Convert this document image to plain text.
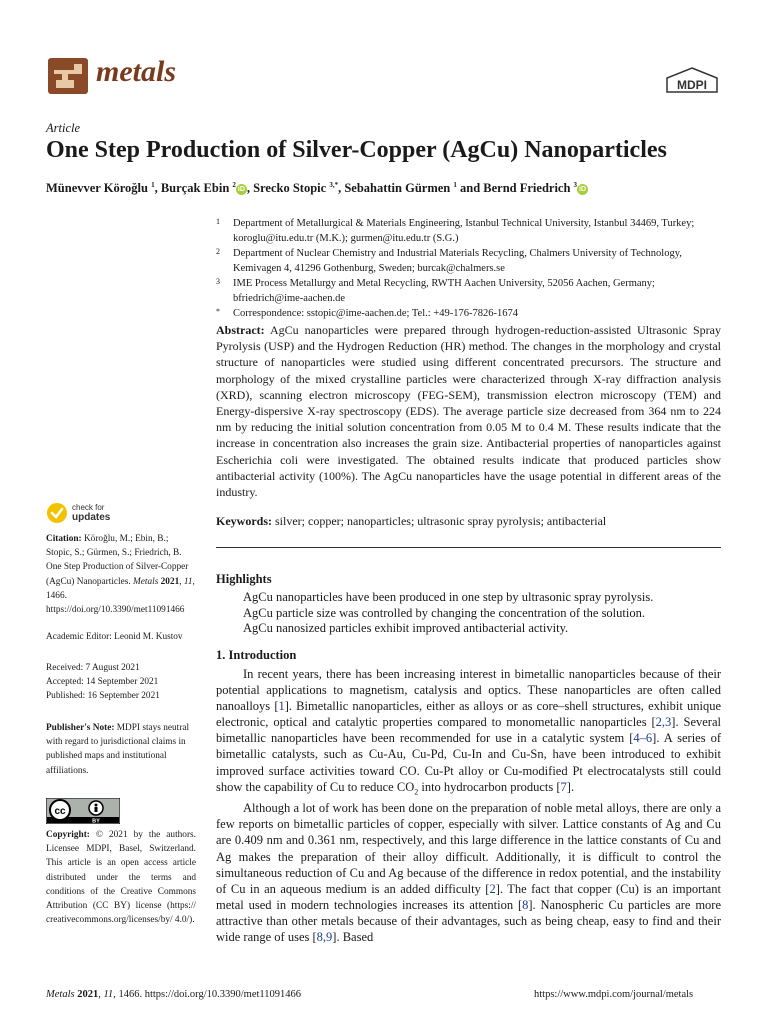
metals	MDPI
Article
One Step Production of Silver-Copper (AgCu) Nanoparticles
Münevver Köroğlu $^1$, Burçak Ebin $^2$iD , Srecko Stopic $^{3,*}$, Sebahattin Gürmen $^1$ and Bernd Friedrich $^3$iD
1 Department of Metallurgical & Materials Engineering, Istanbul Technical University, Istanbul 34469, Turkey; koroglu@itu.edu.tr (M.K.); gurmen@itu.edu.tr (S.G.)
2 Department of Nuclear Chemistry and Industrial Materials Recycling, Chalmers University of Technology, Kemivagen 4, 41296 Gothenburg, Sweden; burcak@chalmers.se
3 IME Process Metallurgy and Metal Recycling, RWTH Aachen University, 52056 Aachen, Germany; bfriedrich@ime-aachen.de
* Correspondence: sstopic@ime-aachen.de; Tel.: +49-176-7826-1674
Abstract: AgCu nanoparticles were prepared through hydrogen-reduction-assisted Ultrasonic Spray Pyrolysis (USP) and the Hydrogen Reduction (HR) method. The changes in the morphology and crystal structure of nanoparticles were studied using different concentrated precursors. The structure and morphology of the mixed crystalline particles were characterized through X-ray diffraction analysis (XRD), scanning electron microscopy (FEG-SEM), transmission electron microscopy (TEM) and Energy-dispersive X-ray spectroscopy (EDS). The average particle size decreased from 364 nm to 224 nm by reducing the initial solution concentration from 0.05 M to 0.4 M. These results indicate that the increase in concentration also increases the grain size. Antibacterial properties of nanoparticles against Escherichia coli were investigated. The obtained results indicate that produced particles show antibacterial activity (100%). The AgCu nanoparticles have the usage potential in different areas of the industry.
Keywords: silver; copper; nanoparticles; ultrasonic spray pyrolysis; antibacterial
Highlights
AgCu nanoparticles have been produced in one step by ultrasonic spray pyrolysis.
AgCu particle size was controlled by changing the concentration of the solution.
AgCu nanosized particles exhibit improved antibacterial activity.
1. Introduction

In recent years, there has been increasing interest in bimetallic nanoparticles because of their potential applications to magnetism, catalysis and optics. These nanoparticles are often called nanoalloys [1]. Bimetallic nanoparticles, either as alloys or as core–shell structures, exhibit unique electronic, optical and catalytic properties compared to monometallic nanoparticles [2,3]. Several bimetallic nanoparticles have been recommended for use in a catalytic system [4–6]. A series of bimetallic catalysts, such as Cu-Au, Cu-Pd, Cu-In and Cu-Sn, have been introduced to exhibit improved surface activities toward CO. Cu-Pt alloy or Cu-modified Pt electrocatalysts still could show the capability of Cu to reduce $CO_2$ into hydrocarbon products [7].

Although a lot of work has been done on the preparation of noble metal alloys, there are only a few reports on bimetallic particles of copper, especially with silver. Lattice constants of Ag and Cu are 0.409 nm and 0.361 nm, respectively, and this large difference in the lattice constants of Cu and Ag makes the preparation of their alloy difficult. Additionally, it is difficult to control the simultaneous reduction of Cu and Ag because of the difference in redox potential, and the instability of Cu in an aqueous medium is an added difficulty [2]. The fact that copper (Cu) is an important metal used in modern technologies increases its attention [8]. Nanospheric Cu particles are more attractive than other metals because of their advantages, such as being cheap, easy to find and their wide range of uses [8,9]. Based

check for
updates
Citation: Köroğlu, M.; Ebin, B.; Stopic, S.; Gürmen, S.; Friedrich, B. One Step Production of Silver-Copper (AgCu) Nanoparticles. Metals 2021, 11, 1466. https://doi.org/10.3390/met11091466
Academic Editor: Leonid M. Kustov
Received: 7 August 2021
Accepted: 14 September 2021
Published: 16 September 2021
Publisher's Note: MDPI stays neutral with regard to jurisdictional claims in published maps and institutional affiliations.
cc
BY
Copyright: © 2021 by the authors. Licensee MDPI, Basel, Switzerland. This article is an open access article distributed under the terms and conditions of the Creative Commons Attribution (CC BY) license (https:// creativecommons.org/licenses/by/ 4.0/).
Metals 2021, 11, 1466. https://doi.org/10.3390/met11091466	https://www.mdpi.com/journal/metals
